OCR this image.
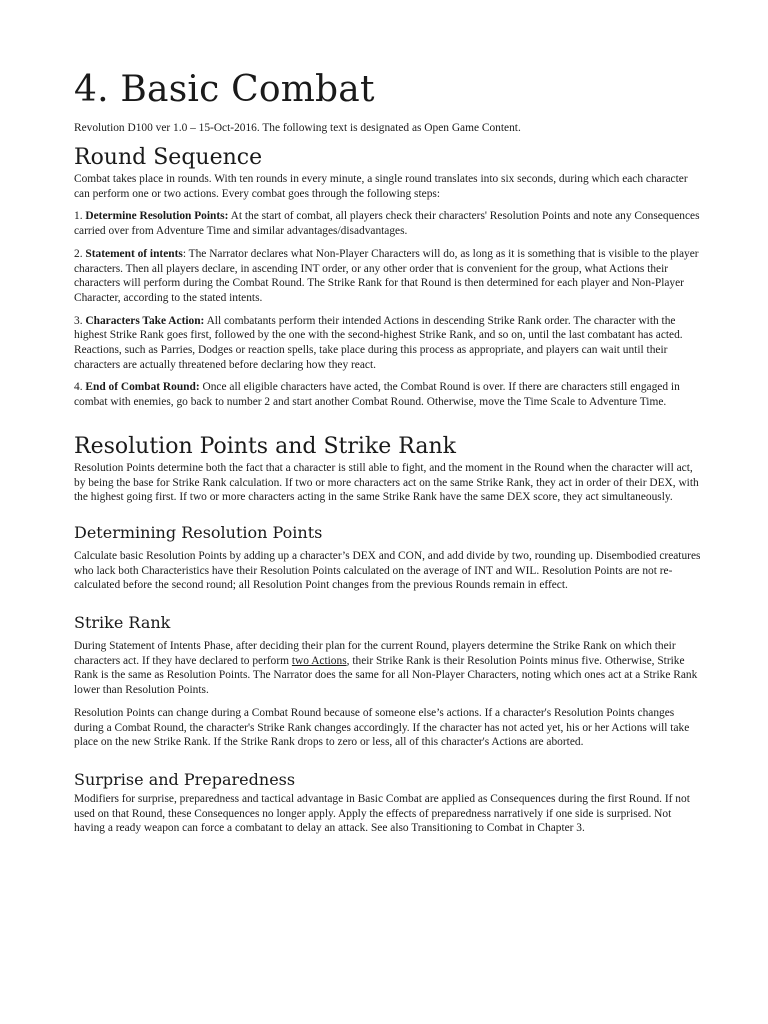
4. Basic Combat

Revolution D100 ver 1.0 – 15-Oct-2016. The following text is designated as Open Game Content.

Round Sequence

Combat takes place in rounds. With ten rounds in every minute, a single round translates into six seconds, during which each character can perform one or two actions. Every combat goes through the following steps:

1. Determine Resolution Points: At the start of combat, all players check their characters' Resolution Points and note any Consequences carried over from Adventure Time and similar advantages/disadvantages.

2. Statement of intents: The Narrator declares what Non-Player Characters will do, as long as it is something that is visible to the player characters. Then all players declare, in ascending INT order, or any other order that is convenient for the group, what Actions their characters will perform during the Combat Round. The Strike Rank for that Round is then determined for each player and Non-Player Character, according to the stated intents.

3. Characters Take Action: All combatants perform their intended Actions in descending Strike Rank order. The character with the highest Strike Rank goes first, followed by the one with the second-highest Strike Rank, and so on, until the last combatant has acted. Reactions, such as Parries, Dodges or reaction spells, take place during this process as appropriate, and players can wait until their characters are actually threatened before declaring how they react.

4. End of Combat Round: Once all eligible characters have acted, the Combat Round is over. If there are characters still engaged in combat with enemies, go back to number 2 and start another Combat Round. Otherwise, move the Time Scale to Adventure Time.

Resolution Points and Strike Rank

Resolution Points determine both the fact that a character is still able to fight, and the moment in the Round when the character will act, by being the base for Strike Rank calculation. If two or more characters act on the same Strike Rank, they act in order of their DEX, with the highest going first. If two or more characters acting in the same Strike Rank have the same DEX score, they act simultaneously.

Determining Resolution Points

Calculate basic Resolution Points by adding up a character’s DEX and CON, and add divide by two, rounding up. Disembodied creatures who lack both Characteristics have their Resolution Points calculated on the average of INT and WIL. Resolution Points are not re-calculated before the second round; all Resolution Point changes from the previous Rounds remain in effect.

Strike Rank

During Statement of Intents Phase, after deciding their plan for the current Round, players determine the Strike Rank on which their characters act. If they have declared to perform two Actions, their Strike Rank is their Resolution Points minus five. Otherwise, Strike Rank is the same as Resolution Points. The Narrator does the same for all Non-Player Characters, noting which ones act at a Strike Rank lower than Resolution Points.

Resolution Points can change during a Combat Round because of someone else’s actions. If a character's Resolution Points changes during a Combat Round, the character's Strike Rank changes accordingly. If the character has not acted yet, his or her Actions will take place on the new Strike Rank. If the Strike Rank drops to zero or less, all of this character's Actions are aborted.

Surprise and Preparedness

Modifiers for surprise, preparedness and tactical advantage in Basic Combat are applied as Consequences during the first Round. If not used on that Round, these Consequences no longer apply. Apply the effects of preparedness narratively if one side is surprised. Not having a ready weapon can force a combatant to delay an attack. See also Transitioning to Combat in Chapter 3.
